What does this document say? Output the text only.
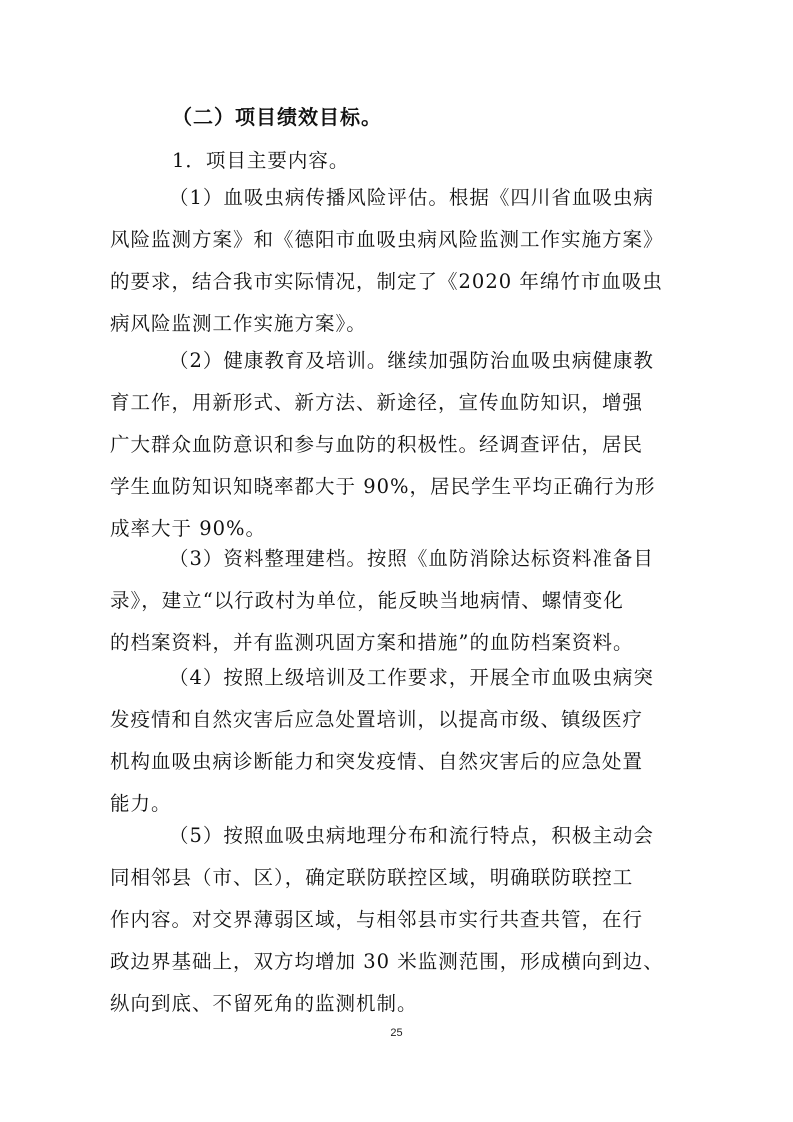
（二）项目绩效目标。
1．项目主要内容。
（1）血吸虫病传播风险评估。根据《四川省血吸虫病
风险监测方案》和《德阳市血吸虫病风险监测工作实施方案》
的要求，结合我市实际情况，制定了《2020 年绵竹市血吸虫
病风险监测工作实施方案》。
（2）健康教育及培训。继续加强防治血吸虫病健康教
育工作，用新形式、新方法、新途径，宣传血防知识，增强
广大群众血防意识和参与血防的积极性。经调查评估，居民
学生血防知识知晓率都大于 90%，居民学生平均正确行为形
成率大于 90%。
（3）资料整理建档。按照《血防消除达标资料准备目
录》，建立“以行政村为单位，能反映当地病情、螺情变化
的档案资料，并有监测巩固方案和措施”的血防档案资料。
（4）按照上级培训及工作要求，开展全市血吸虫病突
发疫情和自然灾害后应急处置培训，以提高市级、镇级医疗
机构血吸虫病诊断能力和突发疫情、自然灾害后的应急处置
能力。
（5）按照血吸虫病地理分布和流行特点，积极主动会
同相邻县（市、区），确定联防联控区域，明确联防联控工
作内容。对交界薄弱区域，与相邻县市实行共查共管，在行
政边界基础上，双方均增加 30 米监测范围，形成横向到边、
纵向到底、不留死角的监测机制。
25
